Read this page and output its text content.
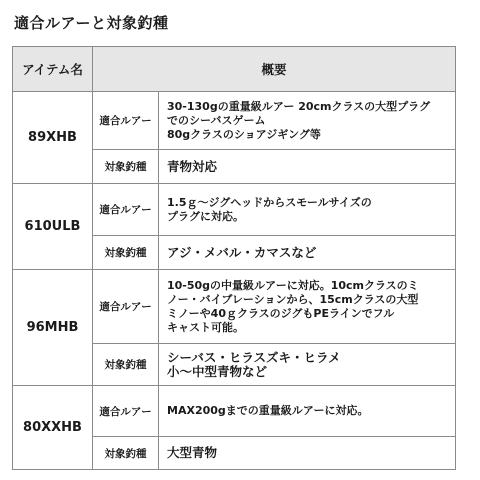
適合ルアーと対象釣種
アイテム名	概要	
89XHB	適合ルアー	30-130gの重量級ルアー 20cmクラスの大型プラグ
でのシーバスゲーム
80gクラスのショアジギング等

	対象釣種	青物対応

610ULB	適合ルアー	1.5ｇ～ジグヘッドからスモールサイズの
プラグに対応。

	対象釣種	アジ・メバル・カマスなど

96MHB	適合ルアー	10-50gの中量級ルアーに対応。10cmクラスのミ
ノー・バイブレーションから、15cmクラスの大型
ミノーや40ｇクラスのジグもPEラインでフル
キャスト可能。

	対象釣種	シーバス・ヒラスズキ・ヒラメ
小～中型青物など

80XXHB	適合ルアー	MAX200gまでの重量級ルアーに対応。

	対象釣種	大型青物
